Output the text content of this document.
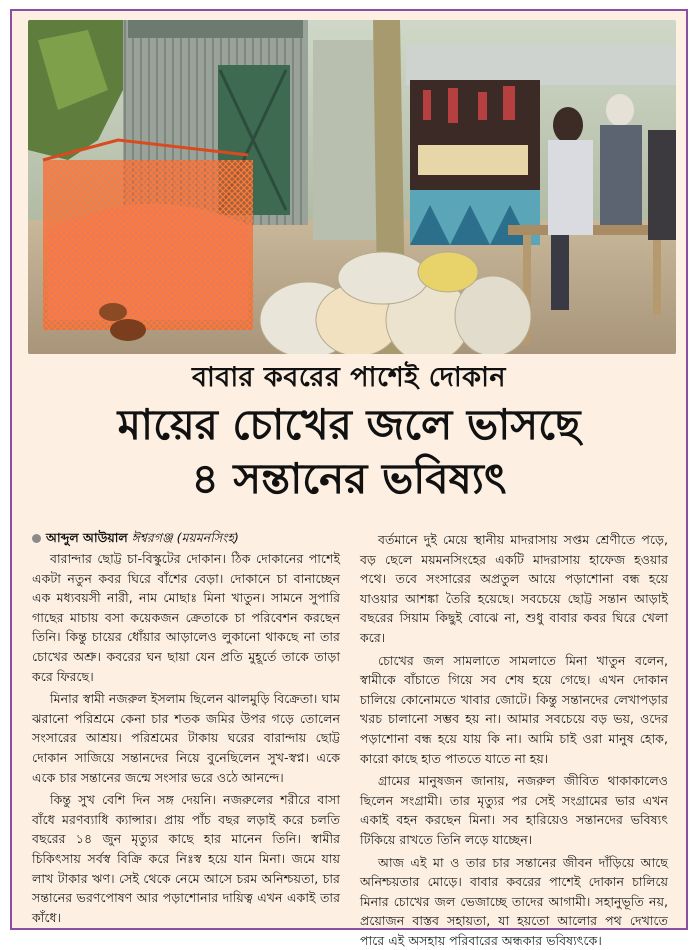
বাবার কবরের পাশেই দোকান
মায়ের চোখের জলে ভাসছে
৪ সন্তানের ভবিষ্যৎ
আব্দুল আউয়াল ঈশ্বরগঞ্জ (ময়মনসিংহ)

বারান্দার ছোট্ট চা-বিস্কুটের দোকান। ঠিক দোকানের পাশেই একটা নতুন কবর ঘিরে বাঁশের বেড়া। দোকানে চা বানাচ্ছেন এক মধ্যবয়সী নারী, নাম মোছাঃ মিনা খাতুন। সামনে সুপারি গাছের মাচায় বসা কয়েকজন ক্রেতাকে চা পরিবেশন করছেন তিনি। কিন্তু চায়ের ধোঁয়ার আড়ালেও লুকানো থাকছে না তার চোখের অশ্রু। কবরের ঘন ছায়া যেন প্রতি মুহূর্তে তাকে তাড়া করে ফিরছে।

মিনার স্বামী নজরুল ইসলাম ছিলেন ঝালমুড়ি বিক্রেতা। ঘাম ঝরানো পরিশ্রমে কেনা চার শতক জমির উপর গড়ে তোলেন সংসারের আশ্রয়। পরিশ্রমের টাকায় ঘরের বারান্দায় ছোট্ট দোকান সাজিয়ে সন্তানদের নিয়ে বুনেছিলেন সুখ-স্বপ্ন। একে একে চার সন্তানের জন্মে সংসার ভরে ওঠে আনন্দে।

কিন্তু সুখ বেশি দিন সঙ্গ দেয়নি। নজরুলের শরীরে বাসা বাঁধে মরণব্যাধি ক্যান্সার। প্রায় পাঁচ বছর লড়াই করে চলতি বছরের ১৪ জুন মৃত্যুর কাছে হার মানেন তিনি। স্বামীর চিকিৎসায় সর্বস্ব বিক্রি করে নিঃস্ব হয়ে যান মিনা। জমে যায় লাখ টাকার ঋণ। সেই থেকে নেমে আসে চরম অনিশ্চয়তা, চার সন্তানের ভরণপোষণ আর পড়াশোনার দায়িত্ব এখন একাই তার কাঁধে।

বর্তমানে দুই মেয়ে স্থানীয় মাদরাসায় সপ্তম শ্রেণীতে পড়ে, বড় ছেলে ময়মনসিংহের একটি মাদরাসায় হাফেজ হওয়ার পথে। তবে সংসারের অপ্রতুল আয়ে পড়াশোনা বন্ধ হয়ে যাওয়ার আশঙ্কা তৈরি হয়েছে। সবচেয়ে ছোট্ট সন্তান আড়াই বছরের সিয়াম কিছুই বোঝে না, শুধু বাবার কবর ঘিরে খেলা করে।

চোখের জল সামলাতে সামলাতে মিনা খাতুন বলেন, স্বামীকে বাঁচাতে গিয়ে সব শেষ হয়ে গেছে। এখন দোকান চালিয়ে কোনোমতে খাবার জোটে। কিন্তু সন্তানদের লেখাপড়ার খরচ চালানো সম্ভব হয় না। আমার সবচেয়ে বড় ভয়, ওদের পড়াশোনা বন্ধ হয়ে যায় কি না। আমি চাই ওরা মানুষ হোক, কারো কাছে হাত পাততে যাতে না হয়।

গ্রামের মানুষজন জানায়, নজরুল জীবিত থাকাকালেও ছিলেন সংগ্রামী। তার মৃত্যুর পর সেই সংগ্রামের ভার এখন একাই বহন করছেন মিনা। সব হারিয়েও সন্তানদের ভবিষ্যৎ টিকিয়ে রাখতে তিনি লড়ে যাচ্ছেন।

আজ এই মা ও তার চার সন্তানের জীবন দাঁড়িয়ে আছে অনিশ্চয়তার মোড়ে। বাবার কবরের পাশেই দোকান চালিয়ে মিনার চোখের জল ভেজাচ্ছে তাদের আগামী। সহানুভূতি নয়, প্রয়োজন বাস্তব সহায়তা, যা হয়তো আলোর পথ দেখাতে পারে এই অসহায় পরিবারের অন্ধকার ভবিষ্যৎকে।
